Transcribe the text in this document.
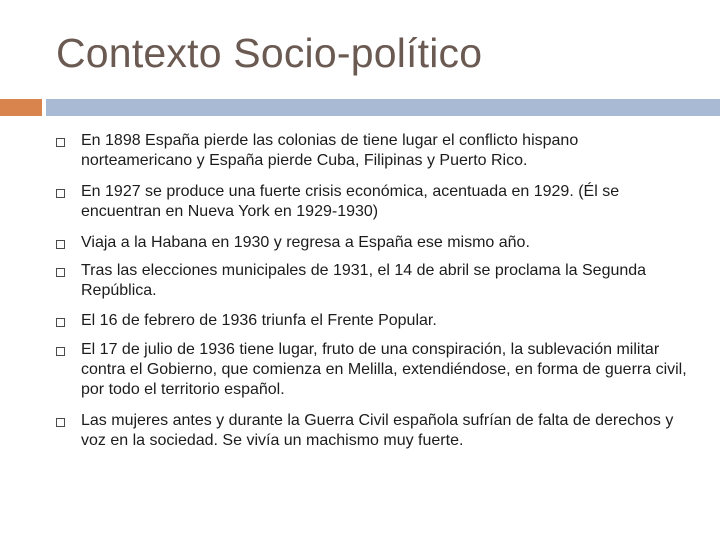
Contexto Socio-político
En 1898 España pierde las colonias de tiene lugar el conflicto hispano norteamericano y España pierde Cuba, Filipinas y Puerto Rico.
En 1927 se produce una fuerte crisis económica, acentuada en 1929. (Él se encuentran en Nueva York en 1929-1930)
Viaja a la Habana en 1930 y regresa a España ese mismo año.
Tras las elecciones municipales de 1931, el 14 de abril se proclama la Segunda República.
El 16 de febrero de 1936 triunfa el Frente Popular.
El 17 de julio de 1936 tiene lugar, fruto de una conspiración, la sublevación militar contra el Gobierno, que comienza en Melilla, extendiéndose, en forma de guerra civil, por todo el territorio español.
Las mujeres antes y durante la Guerra Civil española sufrían de falta de derechos y voz en la sociedad. Se vivía un machismo muy fuerte.
